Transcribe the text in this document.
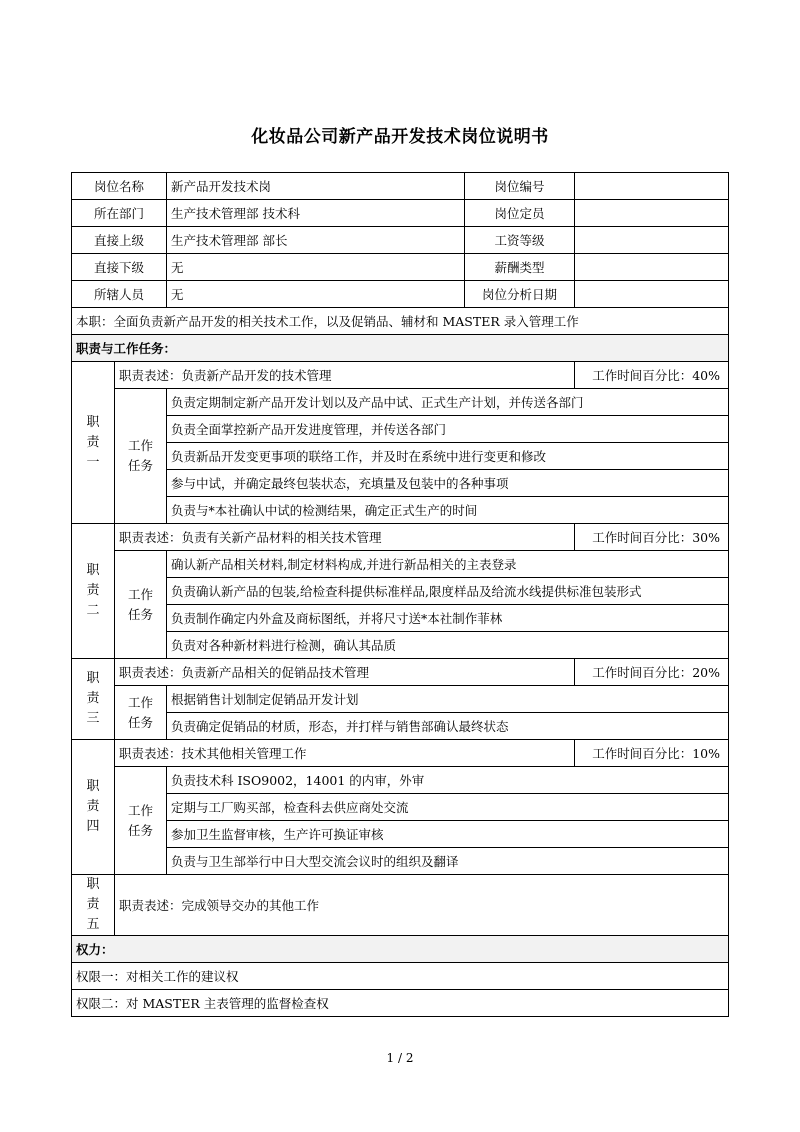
化妆品公司新产品开发技术岗位说明书
岗位名称		新产品开发技术岗	岗位编号	
所在部门		生产技术管理部 技术科	岗位定员	
直接上级		生产技术管理部 部长	工资等级	
直接下级		无	薪酬类型	
所辖人员		无	岗位分析日期	
本职：全面负责新产品开发的相关技术工作，以及促销品、辅材和 MASTER 录入管理工作				
职责与工作任务：				
职
责
一	职责表述：负责新产品开发的技术管理			工作时间百分比：40%
	工作
任务	负责定期制定新产品开发计划以及产品中试、正式生产计划，并传送各部门		
		负责全面掌控新产品开发进度管理，并传送各部门		
		负责新品开发变更事项的联络工作，并及时在系统中进行变更和修改		
		参与中试，并确定最终包装状态，充填量及包装中的各种事项		
		负责与*本社确认中试的检测结果，确定正式生产的时间		
职
责
二	职责表述：负责有关新产品材料的相关技术管理			工作时间百分比：30%
	工作
任务	确认新产品相关材料,制定材料构成,并进行新品相关的主表登录		
		负责确认新产品的包装,给检查科提供标准样品,限度样品及给流水线提供标准包装形式		
		负责制作确定内外盒及商标图纸，并将尺寸送*本社制作菲林		
		负责对各种新材料进行检测，确认其品质		
职
责
三	职责表述：负责新产品相关的促销品技术管理			工作时间百分比：20%
	工作
任务	根据销售计划制定促销品开发计划		
		负责确定促销品的材质，形态，并打样与销售部确认最终状态		
职
责
四	职责表述：技术其他相关管理工作			工作时间百分比：10%
	工作
任务	负责技术科 ISO9002，14001 的内审，外审		
		定期与工厂购买部，检查科去供应商处交流		
		参加卫生监督审核，生产许可换证审核		
		负责与卫生部举行中日大型交流会议时的组织及翻译		
职
责
五	职责表述：完成领导交办的其他工作			
权力：				
权限一：对相关工作的建议权				
权限二：对 MASTER 主表管理的监督检查权				
1 / 2
